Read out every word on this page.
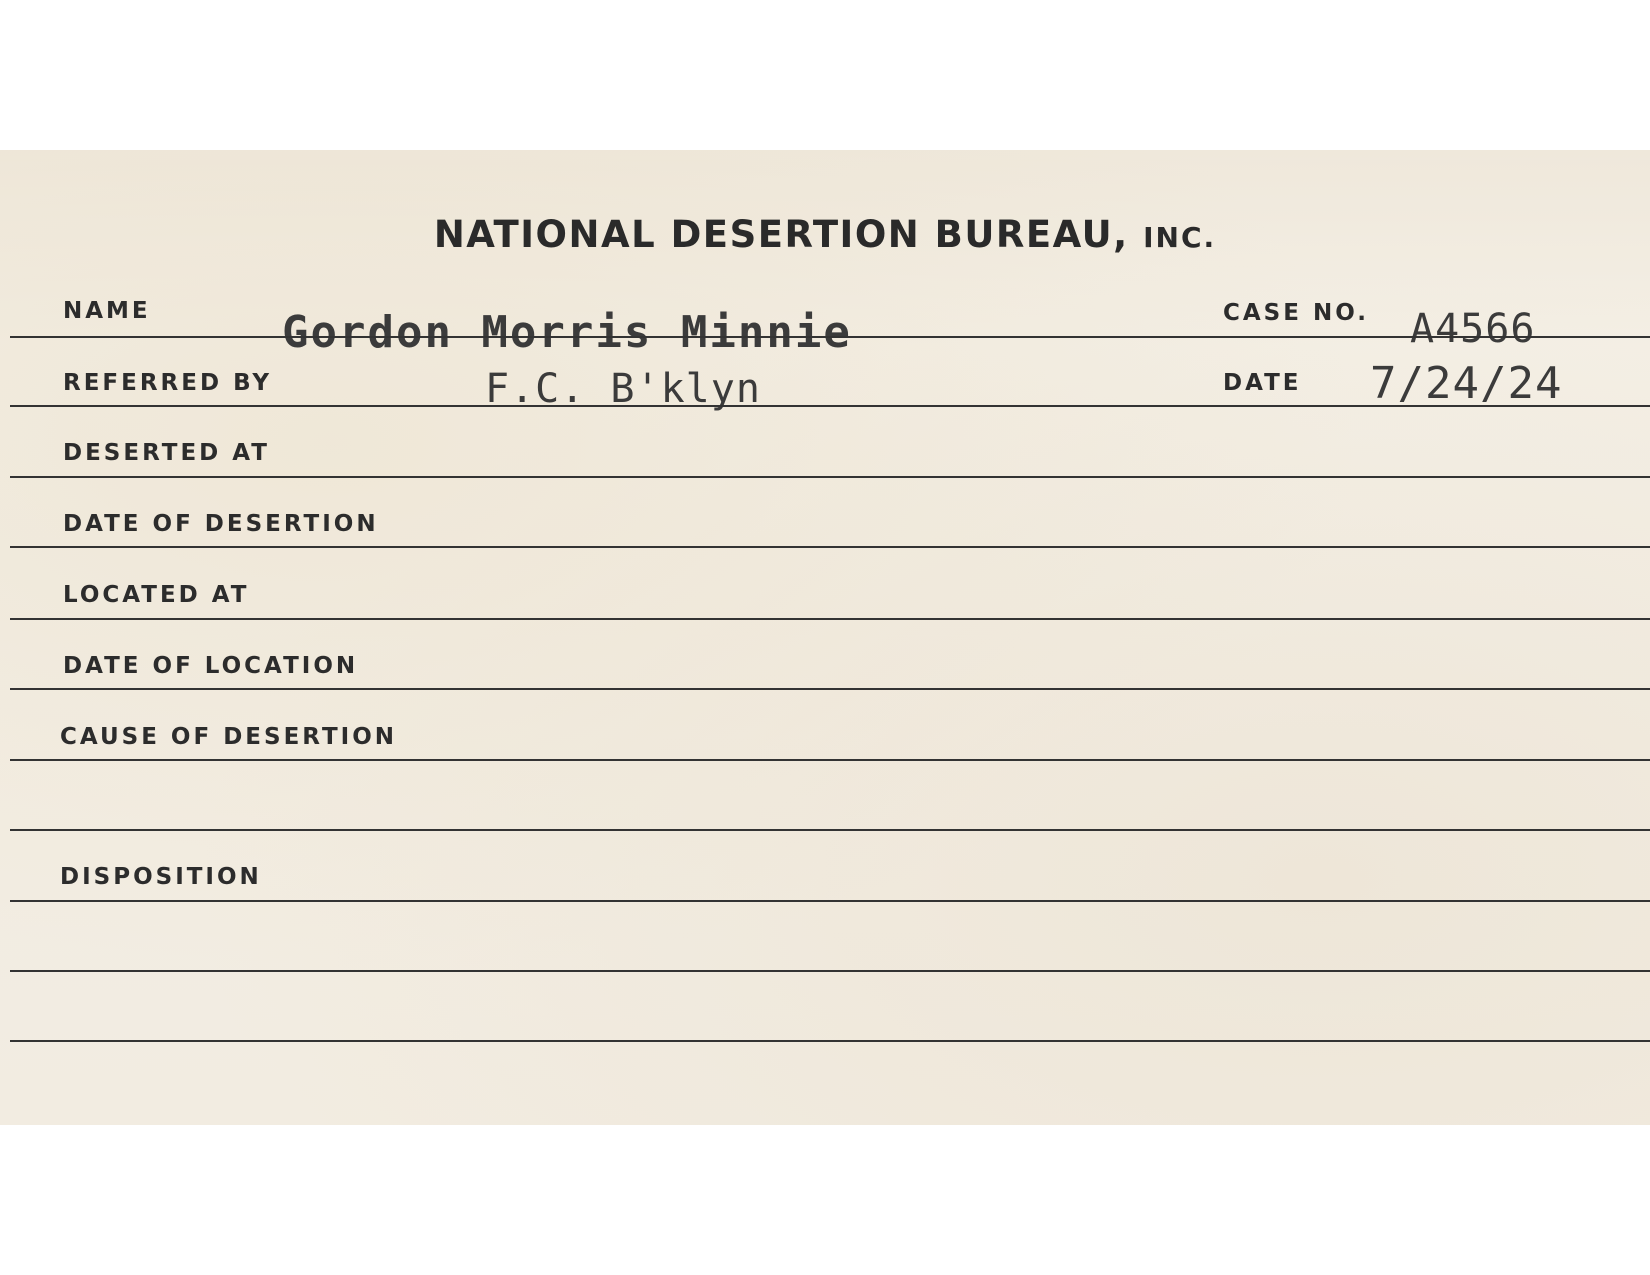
NATIONAL DESERTION BUREAU, INC.
NAME	Gordon Morris Minnie	CASE NO. A4566
REFERRED BY	F.C. B'klyn	DATE 7/24/24
DESERTED AT
DATE OF DESERTION
LOCATED AT
DATE OF LOCATION
CAUSE OF DESERTION
DISPOSITION
